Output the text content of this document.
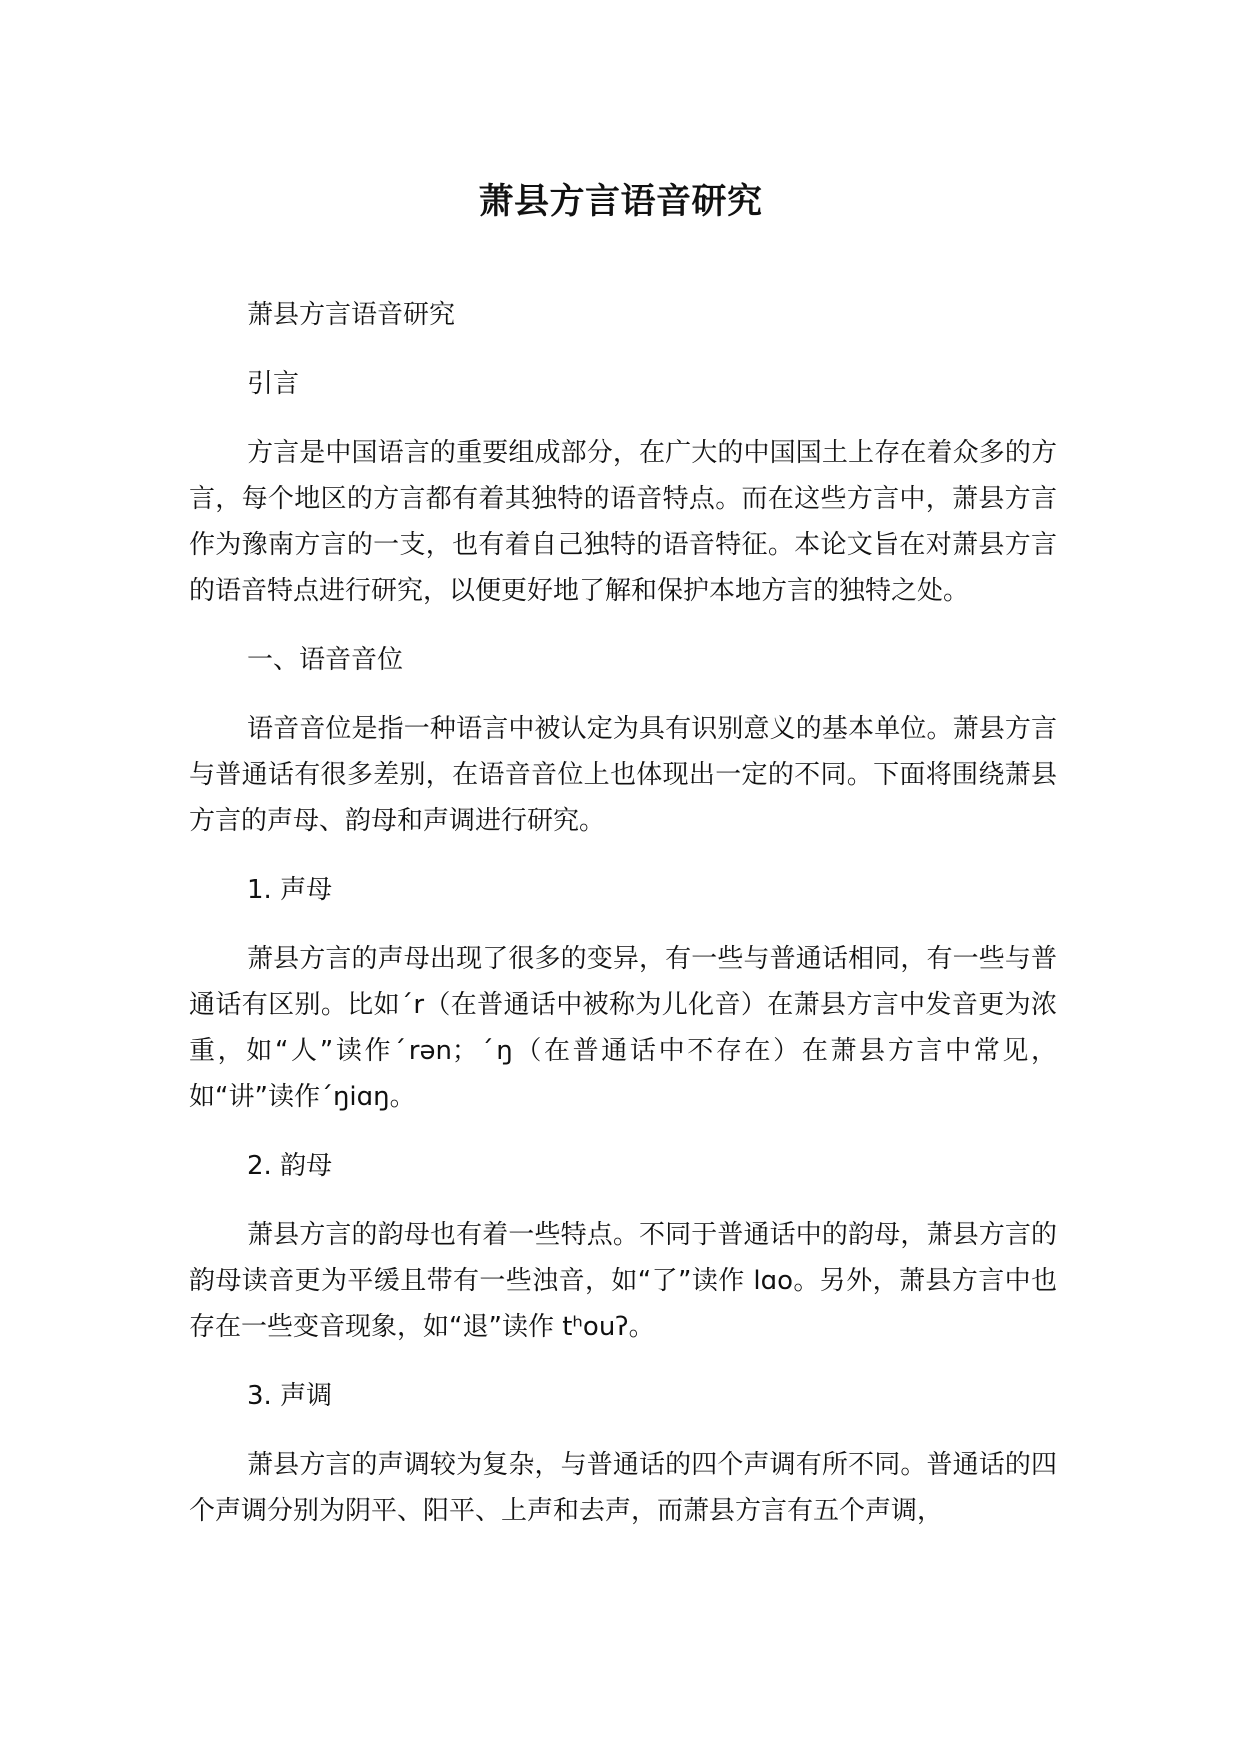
萧县方言语音研究

萧县方言语音研究

引言

方言是中国语言的重要组成部分，在广大的中国国土上存在着众多的方言，每个地区的方言都有着其独特的语音特点。而在这些方言中，萧县方言作为豫南方言的一支，也有着自己独特的语音特征。本论文旨在对萧县方言的语音特点进行研究，以便更好地了解和保护本地方言的独特之处。

一、语音音位

语音音位是指一种语言中被认定为具有识别意义的基本单位。萧县方言与普通话有很多差别，在语音音位上也体现出一定的不同。下面将围绕萧县方言的声母、韵母和声调进行研究。

1. 声母

萧县方言的声母出现了很多的变异，有一些与普通话相同，有一些与普通话有区别。比如ˊr（在普通话中被称为儿化音）在萧县方言中发音更为浓重，如“人”读作ˊrən；ˊŋ（在普通话中不存在）在萧县方言中常见，如“讲”读作ˊŋiɑŋ。

2. 韵母

萧县方言的韵母也有着一些特点。不同于普通话中的韵母，萧县方言的韵母读音更为平缓且带有一些浊音，如“了”读作 lɑo。另外，萧县方言中也存在一些变音现象，如“退”读作 tʰouʔ。

3. 声调

萧县方言的声调较为复杂，与普通话的四个声调有所不同。普通话的四个声调分别为阴平、阳平、上声和去声，而萧县方言有五个声调，
